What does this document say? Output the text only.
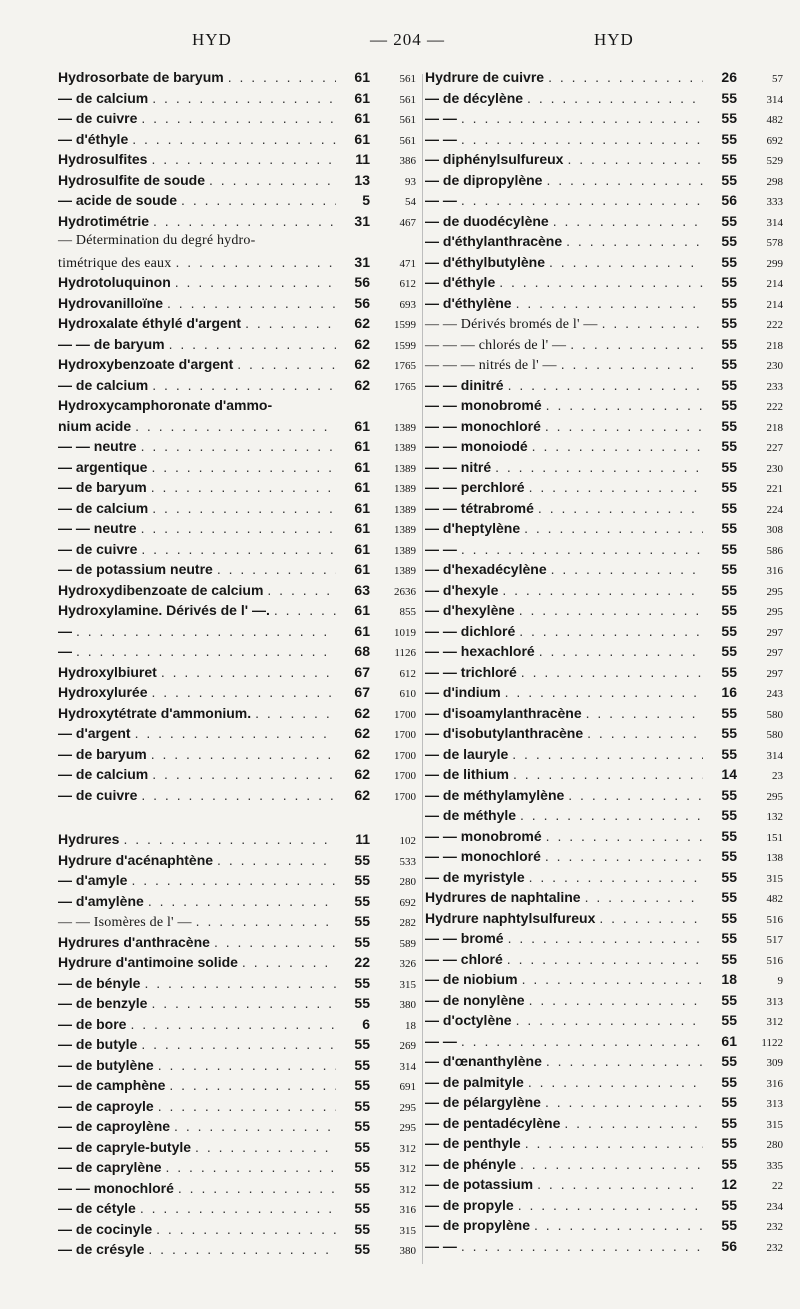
HYD	— 204 —	HYD
Hydrosorbate de baryum . . .	61	561
— de calcium . . .	61	561
— de cuivre . . .	61	561
— d'éthyle . . .	61	561
Hydrosulfites . . .	11	386
Hydrosulfite de soude . . .	13	93
— acide de soude . . .	5	54
Hydrotimétrie . . .	31	467
— Détermination du degré hydro-
timétrique des eaux . . .	31	471
Hydrotoluquinon . . .	56	612
Hydrovanilloïne . . .	56	693
Hydroxalate éthylé d'argent . . .	62	1599
— — de baryum . . .	62	1599
Hydroxybenzoate d'argent . . .	62	1765
— de calcium . . .	62	1765
Hydroxycamphoronate d'ammo-
nium acide . . .	61	1389
— — neutre . . .	61	1389
— argentique . . .	61	1389
— de baryum . . .	61	1389
— de calcium . . .	61	1389
— — neutre . . .	61	1389
— de cuivre . . .	61	1389
— de potassium neutre . . .	61	1389
Hydroxydibenzoate de calcium . . .	63	2636
Hydroxylamine. Dérivés de l' —. . . .	61	855
— . . .	61	1019
— . . .	68	1126
Hydroxylbiuret . . .	67	612
Hydroxylurée . . .	67	610
Hydroxytétrate d'ammonium. . . .	62	1700
— d'argent . . .	62	1700
— de baryum . . .	62	1700
— de calcium . . .	62	1700
— de cuivre . . .	62	1700
Hydrures . . .	11	102
Hydrure d'acénaphtène . . .	55	533
— d'amyle . . .	55	280
— d'amylène . . .	55	692
— — Isomères de l' — . . .	55	282
Hydrures d'anthracène . . .	55	589
Hydrure d'antimoine solide . . .	22	326
— de bényle . . .	55	315
— de benzyle . . .	55	380
— de bore . . .	6	18
— de butyle . . .	55	269
— de butylène . . .	55	314
— de camphène . . .	55	691
— de caproyle . . .	55	295
— de caproylène . . .	55	295
— de capryle-butyle . . .	55	312
— de caprylène . . .	55	312
— — monochloré . . .	55	312
— de cétyle . . .	55	316
— de cocinyle . . .	55	315
— de crésyle . . .	55	380
Hydrure de cuivre . . .	26	57
— de décylène . . .	55	314
— — . . .	55	482
— — . . .	55	692
— diphénylsulfureux . . .	55	529
— de dipropylène . . .	55	298
— — . . .	56	333
— de duodécylène . . .	55	314
— d'éthylanthracène . . .	55	578
— d'éthylbutylène . . .	55	299
— d'éthyle . . .	55	214
— d'éthylène . . .	55	214
— — Dérivés bromés de l' — . . .	55	222
— — — chlorés de l' — . . .	55	218
— — — nitrés de l' — . . .	55	230
— — dinitré . . .	55	233
— — monobromé . . .	55	222
— — monochloré . . .	55	218
— — monoiodé . . .	55	227
— — nitré . . .	55	230
— — perchloré . . .	55	221
— — tétrabromé . . .	55	224
— d'heptylène . . .	55	308
— — . . .	55	586
— d'hexadécylène . . .	55	316
— d'hexyle . . .	55	295
— d'hexylène . . .	55	295
— — dichloré . . .	55	297
— — hexachloré . . .	55	297
— — trichloré . . .	55	297
— d'indium . . .	16	243
— d'isoamylanthracène . . .	55	580
— d'isobutylanthracène . . .	55	580
— de lauryle . . .	55	314
— de lithium . . .	14	23
— de méthylamylène . . .	55	295
— de méthyle . . .	55	132
— — monobromé . . .	55	151
— — monochloré . . .	55	138
— de myristyle . . .	55	315
Hydrures de naphtaline . . .	55	482
Hydrure naphtylsulfureux . . .	55	516
— — bromé . . .	55	517
— — chloré . . .	55	516
— de niobium . . .	18	9
— de nonylène . . .	55	313
— d'octylène . . .	55	312
— — . . .	61	1122
— d'œnanthylène . . .	55	309
— de palmityle . . .	55	316
— de pélargylène . . .	55	313
— de pentadécylène . . .	55	315
— de penthyle . . .	55	280
— de phényle . . .	55	335
— de potassium . . .	12	22
— de propyle . . .	55	234
— de propylène . . .	55	232
— — . . .	56	232
